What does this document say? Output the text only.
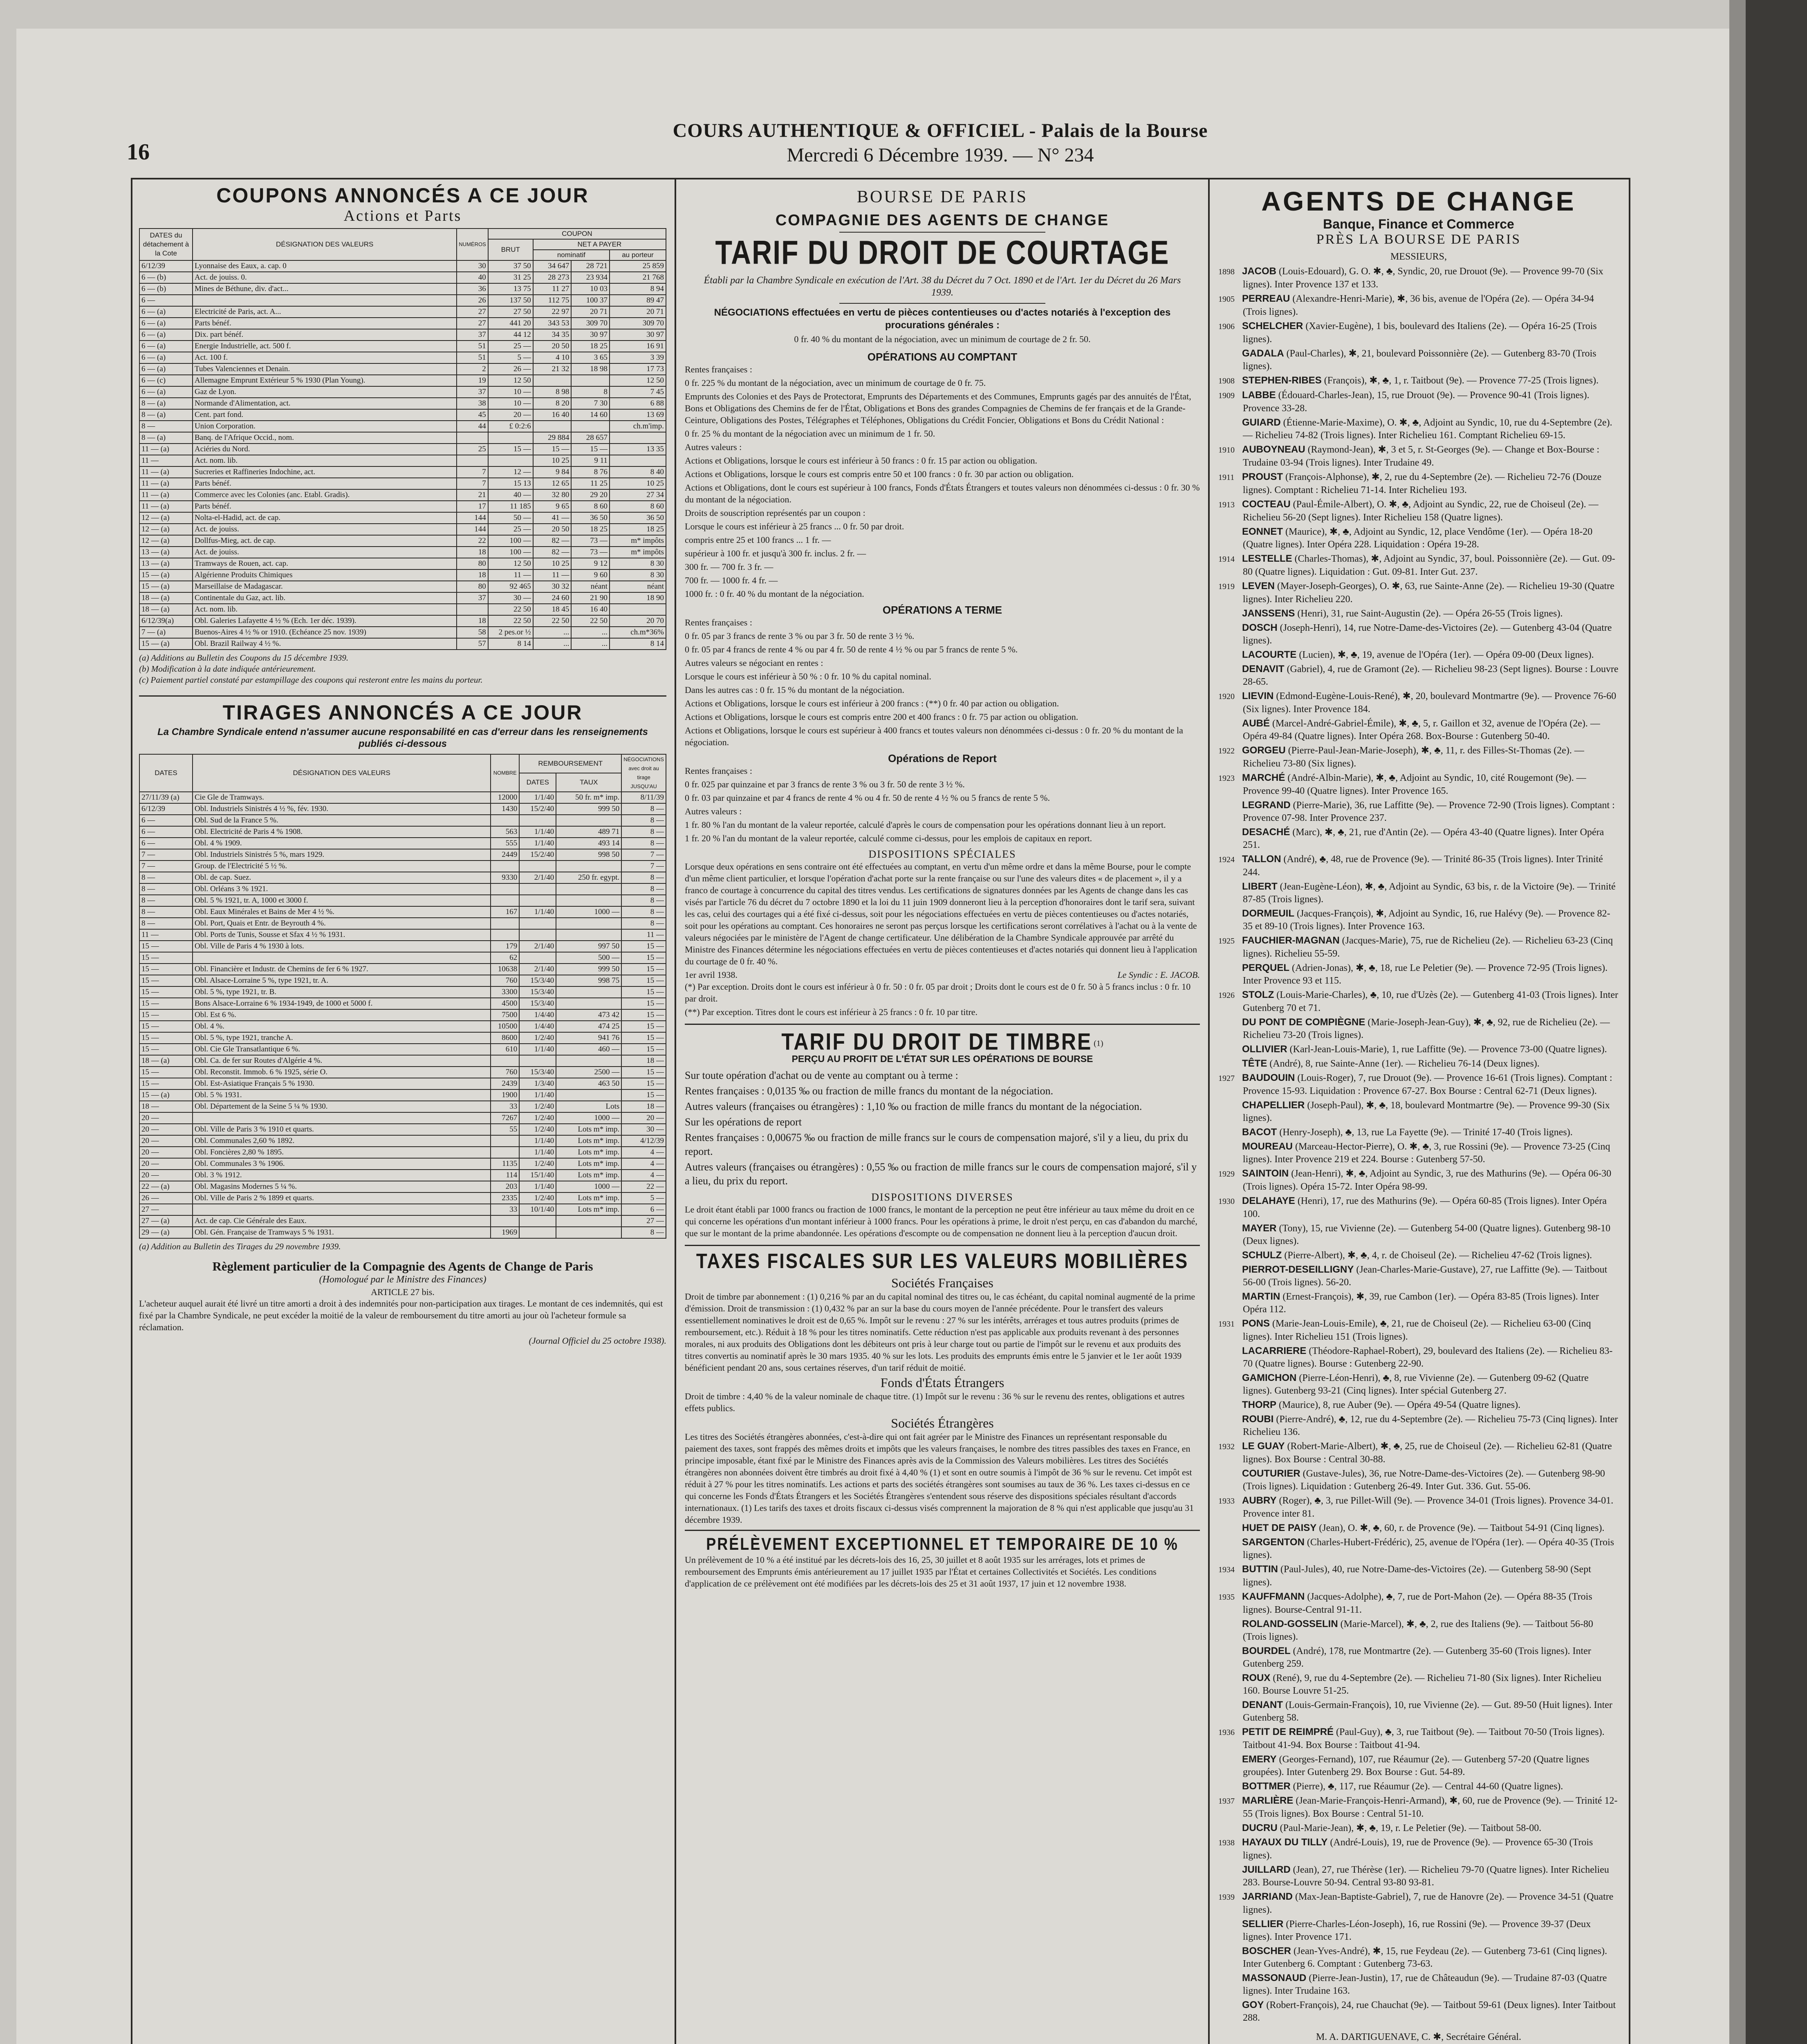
16
COURS AUTHENTIQUE & OFFICIEL - Palais de la Bourse
Mercredi 6 Décembre 1939. — N° 234
COUPONS ANNONCÉS A CE JOUR
Actions et Parts
DATES du détachement à la Cote	DÉSIGNATION DES VALEURS	NUMÉROS	COUPON			
			BRUT	NET A PAYER		
				nominatif		au porteur
6/12/39	Lyonnaise des Eaux, a. cap. 0	30	37 50	34 647	28 721	25 859
6 — (b)	Act. de jouiss. 0.	40	31 25	28 273	23 934	21 768
6 — (b)	Mines de Béthune, div. d'act...	36	13 75	11 27	10 03	8 94
6 —		26	137 50	112 75	100 37	89 47
6 — (a)	Electricité de Paris, act. A...	27	27 50	22 97	20 71	20 71
6 — (a)	Parts bénéf.	27	441 20	343 53	309 70	309 70
6 — (a)	Dix. part bénéf.	37	44 12	34 35	30 97	30 97
6 — (a)	Energie Industrielle, act. 500 f.	51	25 —	20 50	18 25	16 91
6 — (a)	Act. 100 f.	51	5 —	4 10	3 65	3 39
6 — (a)	Tubes Valenciennes et Denain.	2	26 —	21 32	18 98	17 73
6 — (c)	Allemagne Emprunt Extérieur 5 % 1930 (Plan Young).	19	12 50			12 50
6 — (a)	Gaz de Lyon.	37	10 —	8 98	8	7 45
8 — (a)	Normande d'Alimentation, act.	38	10 —	8 20	7 30	6 88
8 — (a)	Cent. part fond.	45	20 —	16 40	14 60	13 69
8 —	Union Corporation.	44	£ 0:2:6			ch.m'imp.
8 — (a)	Banq. de l'Afrique Occid., nom.			29 884	28 657	
11 — (a)	Aciéries du Nord.	25	15 —	15 —	15 —	13 35
11 —	Act. nom. lib.			10 25	9 11	
11 — (a)	Sucreries et Raffineries Indochine, act.	7	12 —	9 84	8 76	8 40
11 — (a)	Parts bénéf.	7	15 13	12 65	11 25	10 25
11 — (a)	Commerce avec les Colonies (anc. Etabl. Gradis).	21	40 —	32 80	29 20	27 34
11 — (a)	Parts bénéf.	17	11 185	9 65	8 60	8 60
12 — (a)	Nolta-el-Hadid, act. de cap.	144	50 —	41 —	36 50	36 50
12 — (a)	Act. de jouiss.	144	25 —	20 50	18 25	18 25
12 — (a)	Dollfus-Mieg, act. de cap.	22	100 —	82 —	73 —	m* impôts
13 — (a)	Act. de jouiss.	18	100 —	82 —	73 —	m* impôts
13 — (a)	Tramways de Rouen, act. cap.	80	12 50	10 25	9 12	8 30
15 — (a)	Algérienne Produits Chimiques	18	11 —	11 —	9 60	8 30
15 — (a)	Marseillaise de Madagascar.	80	92 465	30 32	néant	néant
18 — (a)	Continentale du Gaz, act. lib.	37	30 —	24 60	21 90	18 90
18 — (a)	Act. nom. lib.		22 50	18 45	16 40	
6/12/39(a)	Obl. Galeries Lafayette 4 ½ % (Ech. 1er déc. 1939).	18	22 50	22 50	22 50	20 70
7 — (a)	Buenos-Aires 4 ½ % or 1910. (Echéance 25 nov. 1939)	58	2 pes.or ½	...	...	ch.m*36%
15 — (a)	Obl. Brazil Railway 4 ½ %.	57	8 14	...	...	8 14
(a) Additions au Bulletin des Coupons du 15 décembre 1939.
(b) Modification à la date indiquée antérieurement.
(c) Paiement partiel constaté par estampillage des coupons qui resteront entre les mains du porteur.
TIRAGES ANNONCÉS A CE JOUR
La Chambre Syndicale entend n'assumer aucune responsabilité en cas d'erreur dans les renseignements publiés ci-dessous
DATES	DÉSIGNATION DES VALEURS	NOMBRE	REMBOURSEMENT		NÉGOCIATIONS avec droit au tirage JUSQU'AU
			DATES	TAUX	
27/11/39 (a)	Cie Gle de Tramways.	12000	1/1/40	50 fr. m* imp.	8/11/39
6/12/39	Obl. Industriels Sinistrés 4 ½ %, fév. 1930.	1430	15/2/40	999 50	8 —
6 —	Obl. Sud de la France 5 %.				8 —
6 —	Obl. Electricité de Paris 4 % 1908.	563	1/1/40	489 71	8 —
6 —	Obl. 4 % 1909.	555	1/1/40	493 14	8 —
7 —	Obl. Industriels Sinistrés 5 %, mars 1929.	2449	15/2/40	998 50	7 —
7 —	Group. de l'Electricité 5 ½ %.				7 —
8 —	Obl. de cap. Suez.	9330	2/1/40	250 fr. egypt.	8 —
8 —	Obl. Orléans 3 % 1921.				8 —
8 —	Obl. 5 % 1921, tr. A, 1000 et 3000 f.				8 —
8 —	Obl. Eaux Minérales et Bains de Mer 4 ½ %.	167	1/1/40	1000 —	8 —
8 —	Obl. Port, Quais et Entr. de Beyrouth 4 %.				8 —
11 —	Obl. Ports de Tunis, Sousse et Sfax 4 ½ % 1931.				11 —
15 —	Obl. Ville de Paris 4 % 1930 à lots.	179	2/1/40	997 50	15 —
15 —		62		500 —	15 —
15 —	Obl. Financière et Industr. de Chemins de fer 6 % 1927.	10638	2/1/40	999 50	15 —
15 —	Obl. Alsace-Lorraine 5 %, type 1921, tr. A.	760	15/3/40	998 75	15 —
15 —	Obl. 5 %, type 1921, tr. B.	3300	15/3/40		15 —
15 —	Bons Alsace-Lorraine 6 % 1934-1949, de 1000 et 5000 f.	4500	15/3/40		15 —
15 —	Obl. Est 6 %.	7500	1/4/40	473 42	15 —
15 —	Obl. 4 %.	10500	1/4/40	474 25	15 —
15 —	Obl. 5 %, type 1921, tranche A.	8600	1/2/40	941 76	15 —
15 —	Obl. Cie Gle Transatlantique 6 %.	610	1/1/40	460 —	15 —
18 — (a)	Obl. Ca. de fer sur Routes d'Algérie 4 %.				18 —
15 —	Obl. Reconstit. Immob. 6 % 1925, série O.	760	15/3/40	2500 —	15 —
15 —	Obl. Est-Asiatique Français 5 % 1930.	2439	1/3/40	463 50	15 —
15 — (a)	Obl. 5 % 1931.	1900	1/1/40		15 —
18 —	Obl. Département de la Seine 5 ¼ % 1930.	33	1/2/40	Lots	18 —
20 —		7267	1/2/40	1000 —	20 —
20 —	Obl. Ville de Paris 3 % 1910 et quarts.	55	1/2/40	Lots m* imp.	30 —
20 —	Obl. Communales 2,60 % 1892.		1/1/40	Lots m* imp.	4/12/39
20 —	Obl. Foncières 2,80 % 1895.		1/1/40	Lots m* imp.	4 —
20 —	Obl. Communales 3 % 1906.	1135	1/2/40	Lots m* imp.	4 —
20 —	Obl. 3 % 1912.	114	15/1/40	Lots m* imp.	4 —
22 — (a)	Obl. Magasins Modernes 5 ¼ %.	203	1/1/40	1000 —	22 —
26 —	Obl. Ville de Paris 2 % 1899 et quarts.	2335	1/2/40	Lots m* imp.	5 —
27 —		33	10/1/40	Lots m* imp.	6 —
27 — (a)	Act. de cap. Cie Générale des Eaux.				27 —
29 — (a)	Obl. Gén. Française de Tramways 5 % 1931.	1969			8 —
(a) Addition au Bulletin des Tirages du 29 novembre 1939.
Règlement particulier de la Compagnie des Agents de Change de Paris
(Homologué par le Ministre des Finances)
ARTICLE 27 bis.

L'acheteur auquel aurait été livré un titre amorti a droit à des indemnités pour non-participation aux tirages. Le montant de ces indemnités, qui est fixé par la Chambre Syndicale, ne peut excéder la moitié de la valeur de remboursement du titre amorti au jour où l'acheteur formule sa réclamation.

(Journal Officiel du 25 octobre 1938).
BOURSE DE PARIS
COMPAGNIE DES AGENTS DE CHANGE
TARIF DU DROIT DE COURTAGE
Établi par la Chambre Syndicale en exécution de l'Art. 38 du Décret du 7 Oct. 1890 et de l'Art. 1er du Décret du 26 Mars 1939.

NÉGOCIATIONS effectuées en vertu de pièces contentieuses ou d'actes notariés à l'exception des procurations générales :

0 fr. 40 % du montant de la négociation, avec un minimum de courtage de 2 fr. 50.

OPÉRATIONS AU COMPTANT

Rentes françaises :

0 fr. 225 % du montant de la négociation, avec un minimum de courtage de 0 fr. 75.

Emprunts des Colonies et des Pays de Protectorat, Emprunts des Départements et des Communes, Emprunts gagés par des annuités de l'État, Bons et Obligations des Chemins de fer de l'État, Obligations et Bons des grandes Compagnies de Chemins de fer français et de la Grande-Ceinture, Obligations des Postes, Télégraphes et Téléphones, Obligations du Crédit Foncier, Obligations et Bons du Crédit National :

0 fr. 25 % du montant de la négociation avec un minimum de 1 fr. 50.

Autres valeurs :

Actions et Obligations, lorsque le cours est inférieur à 50 francs : 0 fr. 15 par action ou obligation.

Actions et Obligations, lorsque le cours est compris entre 50 et 100 francs : 0 fr. 30 par action ou obligation.

Actions et Obligations, dont le cours est supérieur à 100 francs, Fonds d'États Étrangers et toutes valeurs non dénommées ci-dessus : 0 fr. 30 % du montant de la négociation.

Droits de souscription représentés par un coupon :

Lorsque le cours est inférieur à 25 francs ... 0 fr. 50 par droit.

compris entre 25 et 100 francs ... 1 fr. —

supérieur à 100 fr. et jusqu'à 300 fr. inclus. 2 fr. —

300 fr. — 700 fr. 3 fr. —

700 fr. — 1000 fr. 4 fr. —

1000 fr. : 0 fr. 40 % du montant de la négociation.

OPÉRATIONS A TERME

Rentes françaises :

0 fr. 05 par 3 francs de rente 3 % ou par 3 fr. 50 de rente 3 ½ %.

0 fr. 05 par 4 francs de rente 4 % ou par 4 fr. 50 de rente 4 ½ % ou par 5 francs de rente 5 %.

Autres valeurs se négociant en rentes :

Lorsque le cours est inférieur à 50 % : 0 fr. 10 % du capital nominal.

Dans les autres cas : 0 fr. 15 % du montant de la négociation.

Actions et Obligations, lorsque le cours est inférieur à 200 francs : (**) 0 fr. 40 par action ou obligation.

Actions et Obligations, lorsque le cours est compris entre 200 et 400 francs : 0 fr. 75 par action ou obligation.

Actions et Obligations, lorsque le cours est supérieur à 400 francs et toutes valeurs non dénommées ci-dessus : 0 fr. 20 % du montant de la négociation.

Opérations de Report

Rentes françaises :

0 fr. 025 par quinzaine et par 3 francs de rente 3 % ou 3 fr. 50 de rente 3 ½ %.

0 fr. 03 par quinzaine et par 4 francs de rente 4 % ou 4 fr. 50 de rente 4 ½ % ou 5 francs de rente 5 %.

Autres valeurs :

1 fr. 80 % l'an du montant de la valeur reportée, calculé d'après le cours de compensation pour les opérations donnant lieu à un report.

1 fr. 20 % l'an du montant de la valeur reportée, calculé comme ci-dessus, pour les emplois de capitaux en report.

DISPOSITIONS SPÉCIALES

Lorsque deux opérations en sens contraire ont été effectuées au comptant, en vertu d'un même ordre et dans la même Bourse, pour le compte d'un même client particulier, et lorsque l'opération d'achat porte sur la rente française ou sur l'une des valeurs dites « de placement », il y a franco de courtage à concurrence du capital des titres vendus. Les certifications de signatures données par les Agents de change dans les cas visés par l'article 76 du décret du 7 octobre 1890 et la loi du 11 juin 1909 donneront lieu à la perception d'honoraires dont le tarif sera, suivant les cas, celui des courtages qui a été fixé ci-dessus, soit pour les négociations effectuées en vertu de pièces contentieuses ou d'actes notariés, soit pour les opérations au comptant. Ces honoraires ne seront pas perçus lorsque les certifications seront corrélatives à l'achat ou à la vente de valeurs négociées par le ministère de l'Agent de change certificateur. Une délibération de la Chambre Syndicale approuvée par arrêté du Ministre des Finances détermine les négociations effectuées en vertu de pièces contentieuses et d'actes notariés qui donnent lieu à l'application du courtage de 0 fr. 40 %.

1er avril 1938.	Le Syndic : E. JACOB.

(*) Par exception. Droits dont le cours est inférieur à 0 fr. 50 : 0 fr. 05 par droit ; Droits dont le cours est de 0 fr. 50 à 5 francs inclus : 0 fr. 10 par droit.

(**) Par exception. Titres dont le cours est inférieur à 25 francs : 0 fr. 10 par titre.

TARIF DU DROIT DE TIMBRE $^{(1)}$
PERÇU AU PROFIT DE L'ÉTAT SUR LES OPÉRATIONS DE BOURSE

Sur toute opération d'achat ou de vente au comptant ou à terme :

Rentes françaises : 0,0135 ‰ ou fraction de mille francs du montant de la négociation.

Autres valeurs (françaises ou étrangères) : 1,10 ‰ ou fraction de mille francs du montant de la négociation.

Sur les opérations de report

Rentes françaises : 0,00675 ‰ ou fraction de mille francs sur le cours de compensation majoré, s'il y a lieu, du prix du report.

Autres valeurs (françaises ou étrangères) : 0,55 ‰ ou fraction de mille francs sur le cours de compensation majoré, s'il y a lieu, du prix du report.

DISPOSITIONS DIVERSES

Le droit étant établi par 1000 francs ou fraction de 1000 francs, le montant de la perception ne peut être inférieur au taux même du droit en ce qui concerne les opérations d'un montant inférieur à 1000 francs. Pour les opérations à prime, le droit n'est perçu, en cas d'abandon du marché, que sur le montant de la prime abandonnée. Les opérations d'escompte ou de compensation ne donnent lieu à la perception d'aucun droit.

TAXES FISCALES SUR LES VALEURS MOBILIÈRES
Sociétés Françaises

Droit de timbre par abonnement : (1) 0,216 % par an du capital nominal des titres ou, le cas échéant, du capital nominal augmenté de la prime d'émission. Droit de transmission : (1) 0,432 % par an sur la base du cours moyen de l'année précédente. Pour le transfert des valeurs essentiellement nominatives le droit est de 0,65 %. Impôt sur le revenu : 27 % sur les intérêts, arrérages et tous autres produits (primes de remboursement, etc.). Réduit à 18 % pour les titres nominatifs. Cette réduction n'est pas applicable aux produits revenant à des personnes morales, ni aux produits des Obligations dont les débiteurs ont pris à leur charge tout ou partie de l'impôt sur le revenu et aux produits des titres convertis au nominatif après le 30 mars 1935. 40 % sur les lots. Les produits des emprunts émis entre le 5 janvier et le 1er août 1939 bénéficient pendant 20 ans, sous certaines réserves, d'un tarif réduit de moitié.

Fonds d'États Étrangers

Droit de timbre : 4,40 % de la valeur nominale de chaque titre. (1) Impôt sur le revenu : 36 % sur le revenu des rentes, obligations et autres effets publics.

Sociétés Étrangères

Les titres des Sociétés étrangères abonnées, c'est-à-dire qui ont fait agréer par le Ministre des Finances un représentant responsable du paiement des taxes, sont frappés des mêmes droits et impôts que les valeurs françaises, le nombre des titres passibles des taxes en France, en principe imposable, étant fixé par le Ministre des Finances après avis de la Commission des Valeurs mobilières. Les titres des Sociétés étrangères non abonnées doivent être timbrés au droit fixé à 4,40 % (1) et sont en outre soumis à l'impôt de 36 % sur le revenu. Cet impôt est réduit à 27 % pour les titres nominatifs. Les actions et parts des sociétés étrangères sont soumises au taux de 36 %. Les taxes ci-dessus en ce qui concerne les Fonds d'États Étrangers et les Sociétés Étrangères s'entendent sous réserve des dispositions spéciales résultant d'accords internationaux. (1) Les tarifs des taxes et droits fiscaux ci-dessus visés comprennent la majoration de 8 % qui n'est applicable que jusqu'au 31 décembre 1939.

PRÉLÈVEMENT EXCEPTIONNEL ET TEMPORAIRE DE 10 %

Un prélèvement de 10 % a été institué par les décrets-lois des 16, 25, 30 juillet et 8 août 1935 sur les arrérages, lots et primes de remboursement des Emprunts émis antérieurement au 17 juillet 1935 par l'État et certaines Collectivités et Sociétés. Les conditions d'application de ce prélèvement ont été modifiées par les décrets-lois des 25 et 31 août 1937, 17 juin et 12 novembre 1938.

AGENTS DE CHANGE
Banque, Finance et Commerce
PRÈS LA BOURSE DE PARIS
MESSIEURS,
1898 JACOB (Louis-Edouard), G. O. ✱, ♣, Syndic, 20, rue Drouot (9e). — Provence 99-70 (Six lignes). Inter Provence 137 et 133.
1905 PERREAU (Alexandre-Henri-Marie), ✱, 36 bis, avenue de l'Opéra (2e). — Opéra 34-94 (Trois lignes).
1906 SCHELCHER (Xavier-Eugène), 1 bis, boulevard des Italiens (2e). — Opéra 16-25 (Trois lignes).
GADALA (Paul-Charles), ✱, 21, boulevard Poissonnière (2e). — Gutenberg 83-70 (Trois lignes).
1908 STEPHEN-RIBES (François), ✱, ♣, 1, r. Taitbout (9e). — Provence 77-25 (Trois lignes).
1909 LABBE (Édouard-Charles-Jean), 15, rue Drouot (9e). — Provence 90-41 (Trois lignes). Provence 33-28.
GUIARD (Étienne-Marie-Maxime), O. ✱, ♣, Adjoint au Syndic, 10, rue du 4-Septembre (2e). — Richelieu 74-82 (Trois lignes). Inter Richelieu 161. Comptant Richelieu 69-15.
1910 AUBOYNEAU (Raymond-Jean), ✱, 3 et 5, r. St-Georges (9e). — Change et Box-Bourse : Trudaine 03-94 (Trois lignes). Inter Trudaine 49.
1911 PROUST (François-Alphonse), ✱, 2, rue du 4-Septembre (2e). — Richelieu 72-76 (Douze lignes). Comptant : Richelieu 71-14. Inter Richelieu 193.
1913 COCTEAU (Paul-Émile-Albert), O. ✱, ♣, Adjoint au Syndic, 22, rue de Choiseul (2e). — Richelieu 56-20 (Sept lignes). Inter Richelieu 158 (Quatre lignes).
EONNET (Maurice), ✱, ♣, Adjoint au Syndic, 12, place Vendôme (1er). — Opéra 18-20 (Quatre lignes). Inter Opéra 228. Liquidation : Opéra 19-28.
1914 LESTELLE (Charles-Thomas), ✱, Adjoint au Syndic, 37, boul. Poissonnière (2e). — Gut. 09-80 (Quatre lignes). Liquidation : Gut. 09-81. Inter Gut. 237.
1919 LEVEN (Mayer-Joseph-Georges), O. ✱, 63, rue Sainte-Anne (2e). — Richelieu 19-30 (Quatre lignes). Inter Richelieu 220.
JANSSENS (Henri), 31, rue Saint-Augustin (2e). — Opéra 26-55 (Trois lignes).
DOSCH (Joseph-Henri), 14, rue Notre-Dame-des-Victoires (2e). — Gutenberg 43-04 (Quatre lignes).
LACOURTE (Lucien), ✱, ♣, 19, avenue de l'Opéra (1er). — Opéra 09-00 (Deux lignes).
DENAVIT (Gabriel), 4, rue de Gramont (2e). — Richelieu 98-23 (Sept lignes). Bourse : Louvre 28-65.
1920 LIEVIN (Edmond-Eugène-Louis-René), ✱, 20, boulevard Montmartre (9e). — Provence 76-60 (Six lignes). Inter Provence 184.
AUBÉ (Marcel-André-Gabriel-Émile), ✱, ♣, 5, r. Gaillon et 32, avenue de l'Opéra (2e). — Opéra 49-84 (Quatre lignes). Inter Opéra 268. Box-Bourse : Gutenberg 50-40.
1922 GORGEU (Pierre-Paul-Jean-Marie-Joseph), ✱, ♣, 11, r. des Filles-St-Thomas (2e). — Richelieu 73-80 (Six lignes).
1923 MARCHÉ (André-Albin-Marie), ✱, ♣, Adjoint au Syndic, 10, cité Rougemont (9e). — Provence 99-40 (Quatre lignes). Inter Provence 165.
LEGRAND (Pierre-Marie), 36, rue Laffitte (9e). — Provence 72-90 (Trois lignes). Comptant : Provence 07-98. Inter Provence 237.
DESACHÉ (Marc), ✱, ♣, 21, rue d'Antin (2e). — Opéra 43-40 (Quatre lignes). Inter Opéra 251.
1924 TALLON (André), ♣, 48, rue de Provence (9e). — Trinité 86-35 (Trois lignes). Inter Trinité 244.
LIBERT (Jean-Eugène-Léon), ✱, ♣, Adjoint au Syndic, 63 bis, r. de la Victoire (9e). — Trinité 87-85 (Trois lignes).
DORMEUIL (Jacques-François), ✱, Adjoint au Syndic, 16, rue Halévy (9e). — Provence 82-35 et 89-10 (Trois lignes). Inter Provence 163.
1925 FAUCHIER-MAGNAN (Jacques-Marie), 75, rue de Richelieu (2e). — Richelieu 63-23 (Cinq lignes). Richelieu 55-59.
PERQUEL (Adrien-Jonas), ✱, ♣, 18, rue Le Peletier (9e). — Provence 72-95 (Trois lignes). Inter Provence 93 et 115.
1926 STOLZ (Louis-Marie-Charles), ♣, 10, rue d'Uzès (2e). — Gutenberg 41-03 (Trois lignes). Inter Gutenberg 70 et 71.
DU PONT DE COMPIÈGNE (Marie-Joseph-Jean-Guy), ✱, ♣, 92, rue de Richelieu (2e). — Richelieu 73-20 (Trois lignes).
OLLIVIER (Karl-Jean-Louis-Marie), 1, rue Laffitte (9e). — Provence 73-00 (Quatre lignes).
TÊTE (André), 8, rue Sainte-Anne (1er). — Richelieu 76-14 (Deux lignes).
1927 BAUDOUIN (Louis-Roger), 7, rue Drouot (9e). — Provence 16-61 (Trois lignes). Comptant : Provence 15-93. Liquidation : Provence 67-27. Box Bourse : Central 62-71 (Deux lignes).
CHAPELLIER (Joseph-Paul), ✱, ♣, 18, boulevard Montmartre (9e). — Provence 99-30 (Six lignes).
BACOT (Henry-Joseph), ♣, 13, rue La Fayette (9e). — Trinité 17-40 (Trois lignes).
MOUREAU (Marceau-Hector-Pierre), O. ✱, ♣, 3, rue Rossini (9e). — Provence 73-25 (Cinq lignes). Inter Provence 219 et 224. Bourse : Gutenberg 57-50.
1929 SAINTOIN (Jean-Henri), ✱, ♣, Adjoint au Syndic, 3, rue des Mathurins (9e). — Opéra 06-30 (Trois lignes). Opéra 15-72. Inter Opéra 98-99.
1930 DELAHAYE (Henri), 17, rue des Mathurins (9e). — Opéra 60-85 (Trois lignes). Inter Opéra 100.
MAYER (Tony), 15, rue Vivienne (2e). — Gutenberg 54-00 (Quatre lignes). Gutenberg 98-10 (Deux lignes).
SCHULZ (Pierre-Albert), ✱, ♣, 4, r. de Choiseul (2e). — Richelieu 47-62 (Trois lignes).
PIERROT-DESEILLIGNY (Jean-Charles-Marie-Gustave), 27, rue Laffitte (9e). — Taitbout 56-00 (Trois lignes). 56-20.
MARTIN (Ernest-François), ✱, 39, rue Cambon (1er). — Opéra 83-85 (Trois lignes). Inter Opéra 112.
1931 PONS (Marie-Jean-Louis-Emile), ♣, 21, rue de Choiseul (2e). — Richelieu 63-00 (Cinq lignes). Inter Richelieu 151 (Trois lignes).
LACARRIERE (Théodore-Raphael-Robert), 29, boulevard des Italiens (2e). — Richelieu 83-70 (Quatre lignes). Bourse : Gutenberg 22-90.
GAMICHON (Pierre-Léon-Henri), ♣, 8, rue Vivienne (2e). — Gutenberg 09-62 (Quatre lignes). Gutenberg 93-21 (Cinq lignes). Inter spécial Gutenberg 27.
THORP (Maurice), 8, rue Auber (9e). — Opéra 49-54 (Quatre lignes).
ROUBI (Pierre-André), ♣, 12, rue du 4-Septembre (2e). — Richelieu 75-73 (Cinq lignes). Inter Richelieu 136.
1932 LE GUAY (Robert-Marie-Albert), ✱, ♣, 25, rue de Choiseul (2e). — Richelieu 62-81 (Quatre lignes). Box Bourse : Central 30-88.
COUTURIER (Gustave-Jules), 36, rue Notre-Dame-des-Victoires (2e). — Gutenberg 98-90 (Trois lignes). Liquidation : Gutenberg 26-49. Inter Gut. 336. Gut. 55-06.
1933 AUBRY (Roger), ♣, 3, rue Pillet-Will (9e). — Provence 34-01 (Trois lignes). Provence 34-01. Provence inter 81.
HUET DE PAISY (Jean), O. ✱, ♣, 60, r. de Provence (9e). — Taitbout 54-91 (Cinq lignes).
SARGENTON (Charles-Hubert-Frédéric), 25, avenue de l'Opéra (1er). — Opéra 40-35 (Trois lignes).
1934 BUTTIN (Paul-Jules), 40, rue Notre-Dame-des-Victoires (2e). — Gutenberg 58-90 (Sept lignes).
1935 KAUFFMANN (Jacques-Adolphe), ♣, 7, rue de Port-Mahon (2e). — Opéra 88-35 (Trois lignes). Bourse-Central 91-11.
ROLAND-GOSSELIN (Marie-Marcel), ✱, ♣, 2, rue des Italiens (9e). — Taitbout 56-80 (Trois lignes).
BOURDEL (André), 178, rue Montmartre (2e). — Gutenberg 35-60 (Trois lignes). Inter Gutenberg 259.
ROUX (René), 9, rue du 4-Septembre (2e). — Richelieu 71-80 (Six lignes). Inter Richelieu 160. Bourse Louvre 51-25.
DENANT (Louis-Germain-François), 10, rue Vivienne (2e). — Gut. 89-50 (Huit lignes). Inter Gutenberg 58.
1936 PETIT DE REIMPRÉ (Paul-Guy), ♣, 3, rue Taitbout (9e). — Taitbout 70-50 (Trois lignes). Taitbout 41-94. Box Bourse : Taitbout 41-94.
EMERY (Georges-Fernand), 107, rue Réaumur (2e). — Gutenberg 57-20 (Quatre lignes groupées). Inter Gutenberg 29. Box Bourse : Gut. 54-89.
BOTTMER (Pierre), ♣, 117, rue Réaumur (2e). — Central 44-60 (Quatre lignes).
1937 MARLIÈRE (Jean-Marie-François-Henri-Armand), ✱, 60, rue de Provence (9e). — Trinité 12-55 (Trois lignes). Box Bourse : Central 51-10.
DUCRU (Paul-Marie-Jean), ✱, ♣, 19, r. Le Peletier (9e). — Taitbout 58-00.
1938 HAYAUX DU TILLY (André-Louis), 19, rue de Provence (9e). — Provence 65-30 (Trois lignes).
JUILLARD (Jean), 27, rue Thérèse (1er). — Richelieu 79-70 (Quatre lignes). Inter Richelieu 283. Bourse-Louvre 50-94. Central 93-80 93-81.
1939 JARRIAND (Max-Jean-Baptiste-Gabriel), 7, rue de Hanovre (2e). — Provence 34-51 (Quatre lignes).
SELLIER (Pierre-Charles-Léon-Joseph), 16, rue Rossini (9e). — Provence 39-37 (Deux lignes). Inter Provence 171.
BOSCHER (Jean-Yves-André), ✱, 15, rue Feydeau (2e). — Gutenberg 73-61 (Cinq lignes). Inter Gutenberg 6. Comptant : Gutenberg 73-63.
MASSONAUD (Pierre-Jean-Justin), 17, rue de Châteaudun (9e). — Trudaine 87-03 (Quatre lignes). Inter Trudaine 163.
GOY (Robert-François), 24, rue Chauchat (9e). — Taitbout 59-61 (Deux lignes). Inter Taitbout 288.
M. A. DARTIGUENAVE, C. ✱, Secrétaire Général.
